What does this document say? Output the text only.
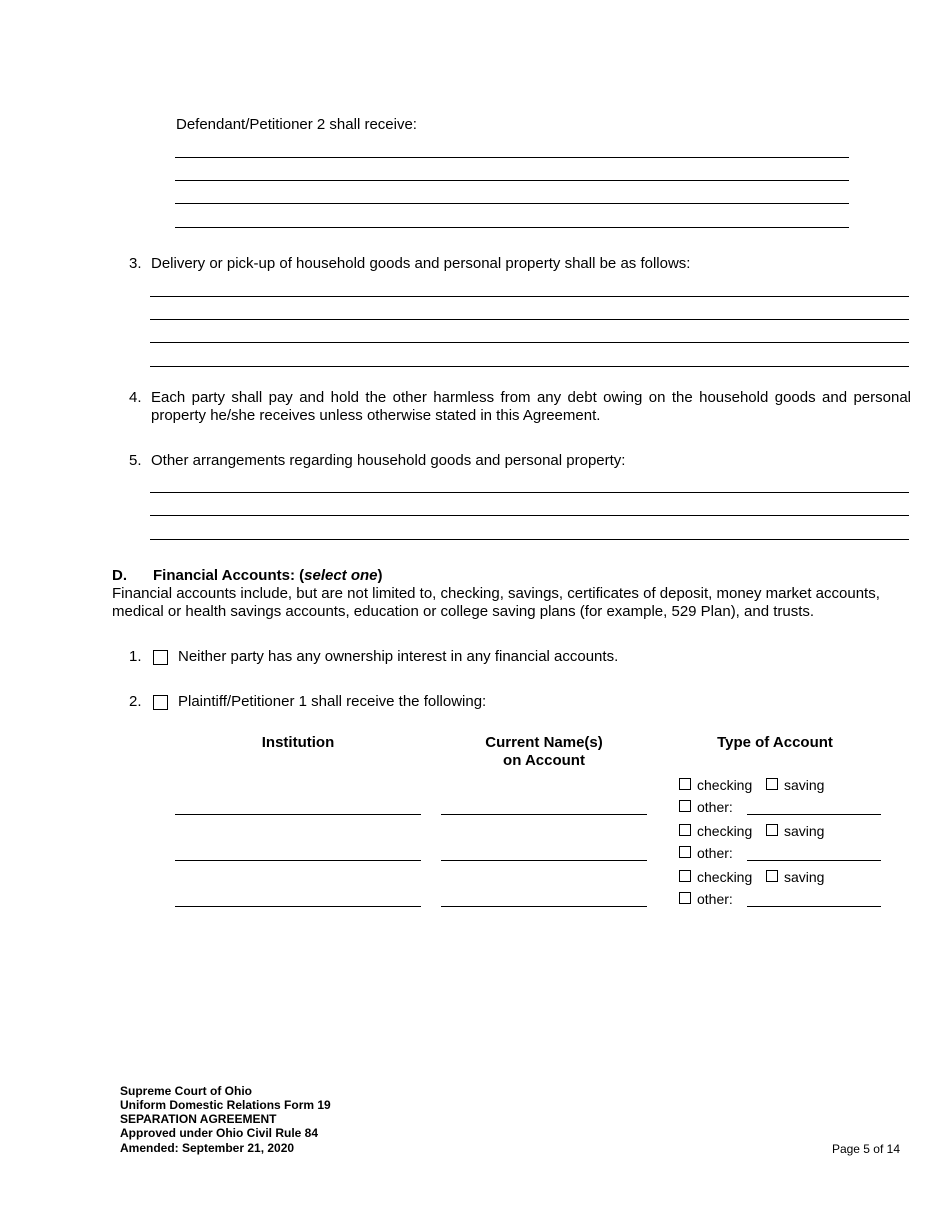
Defendant/Petitioner 2 shall receive:
3. Delivery or pick-up of household goods and personal property shall be as follows:
4. Each party shall pay and hold the other harmless from any debt owing on the household goods and personal property he/she receives unless otherwise stated in this Agreement.
5. Other arrangements regarding household goods and personal property:
D. Financial Accounts: (select one)
Financial accounts include, but are not limited to, checking, savings, certificates of deposit, money market accounts, medical or health savings accounts, education or college saving plans (for example, 529 Plan), and trusts.
1. Neither party has any ownership interest in any financial accounts.
2. Plaintiff/Petitioner 1 shall receive the following:
Institution	Current Name(s)
on Account
Type of Account
checking saving
other:
checking saving
other:
checking saving
other:
Supreme Court of Ohio
Uniform Domestic Relations Form 19
SEPARATION AGREEMENT
Approved under Ohio Civil Rule 84
Amended: September 21, 2020	Page 5 of 14
